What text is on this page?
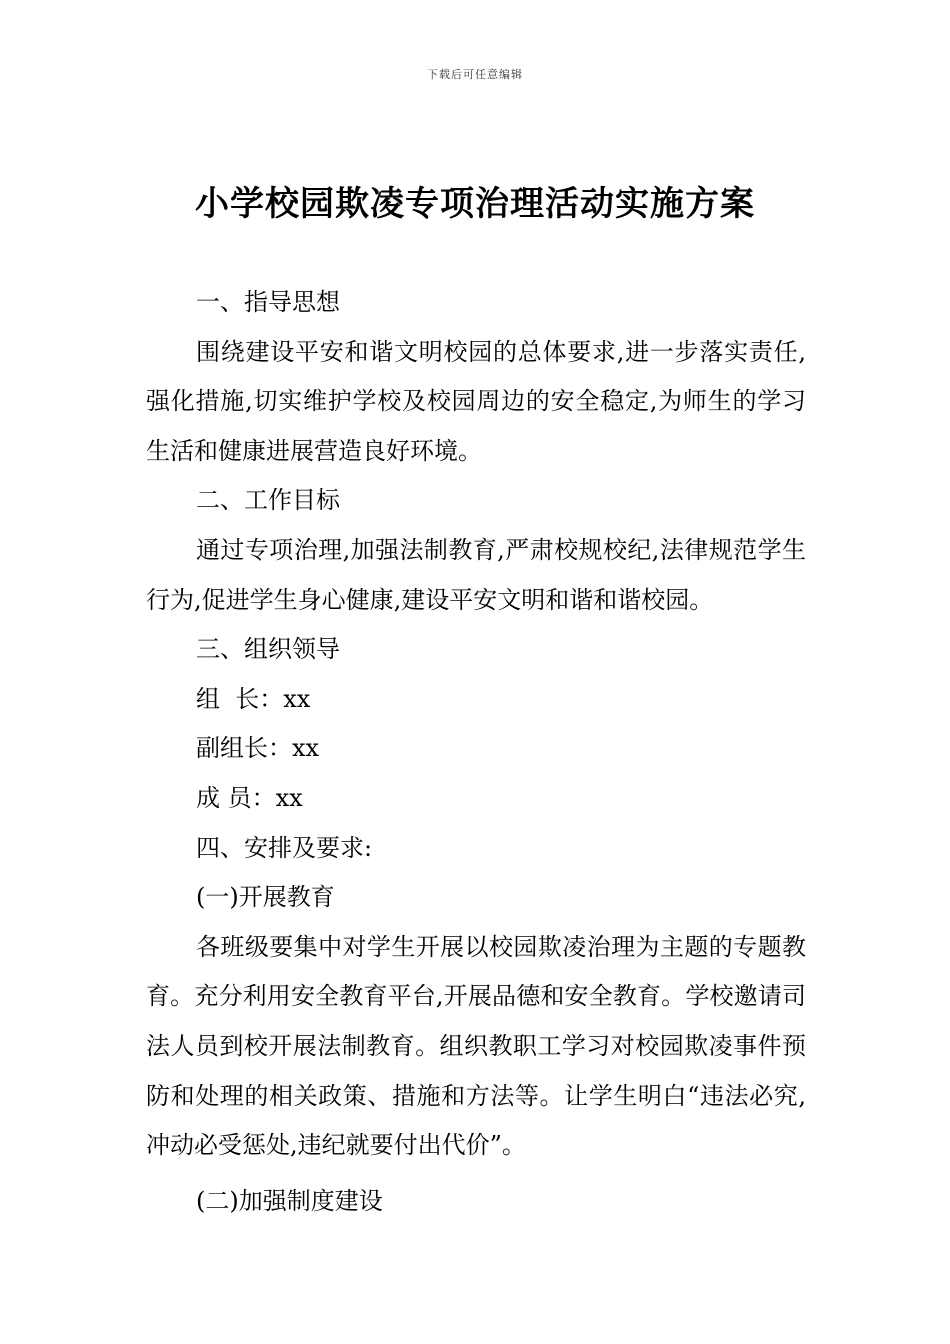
下载后可任意编辑
小学校园欺凌专项治理活动实施方案

一、指导思想

围绕建设平安和谐文明校园的总体要求,进一步落实责任,强化措施,切实维护学校及校园周边的安全稳定,为师生的学习生活和健康进展营造良好环境。

二、工作目标

通过专项治理,加强法制教育,严肃校规校纪,法律规范学生行为,促进学生身心健康,建设平安文明和谐和谐校园。

三、组织领导

组  长：xx

副组长：xx

成 员：xx

四、安排及要求:

(一)开展教育

各班级要集中对学生开展以校园欺凌治理为主题的专题教育。充分利用安全教育平台,开展品德和安全教育。学校邀请司法人员到校开展法制教育。组织教职工学习对校园欺凌事件预防和处理的相关政策、措施和方法等。让学生明白“违法必究,冲动必受惩处,违纪就要付出代价”。

(二)加强制度建设
